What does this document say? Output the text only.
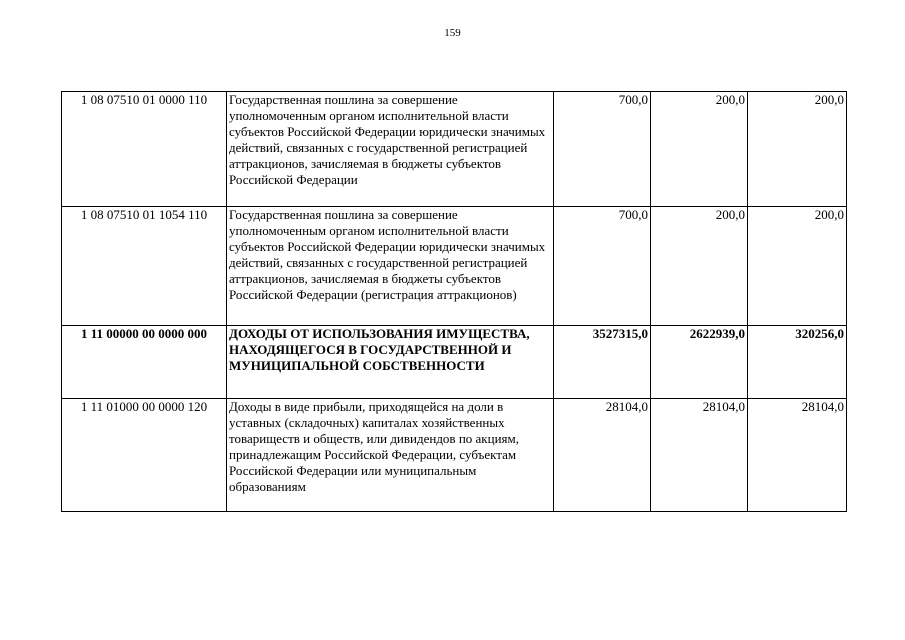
159
1 08 07510 01 0000 110	Государственная пошлина за совершение уполномоченным органом исполнительной власти субъектов Российской Федерации юридически значимых действий, связанных с государственной регистрацией аттракционов, зачисляемая в бюджеты субъектов Российской Федерации	700,0	200,0	200,0
1 08 07510 01 1054 110	Государственная пошлина за совершение уполномоченным органом исполнительной власти субъектов Российской Федерации юридически значимых действий, связанных с государственной регистрацией аттракционов, зачисляемая в бюджеты субъектов Российской Федерации (регистрация аттракционов)	700,0	200,0	200,0
1 11 00000 00 0000 000	ДОХОДЫ ОТ ИСПОЛЬЗОВАНИЯ ИМУЩЕСТВА, НАХОДЯЩЕГОСЯ В ГОСУДАРСТВЕННОЙ И МУНИЦИПАЛЬНОЙ СОБСТВЕННОСТИ	3527315,0	2622939,0	320256,0
1 11 01000 00 0000 120	Доходы в виде прибыли, приходящейся на доли в уставных (складочных) капиталах хозяйственных товариществ и обществ, или дивидендов по акциям, принадлежащим Российской Федерации, субъектам Российской Федерации или муниципальным образованиям	28104,0	28104,0	28104,0
